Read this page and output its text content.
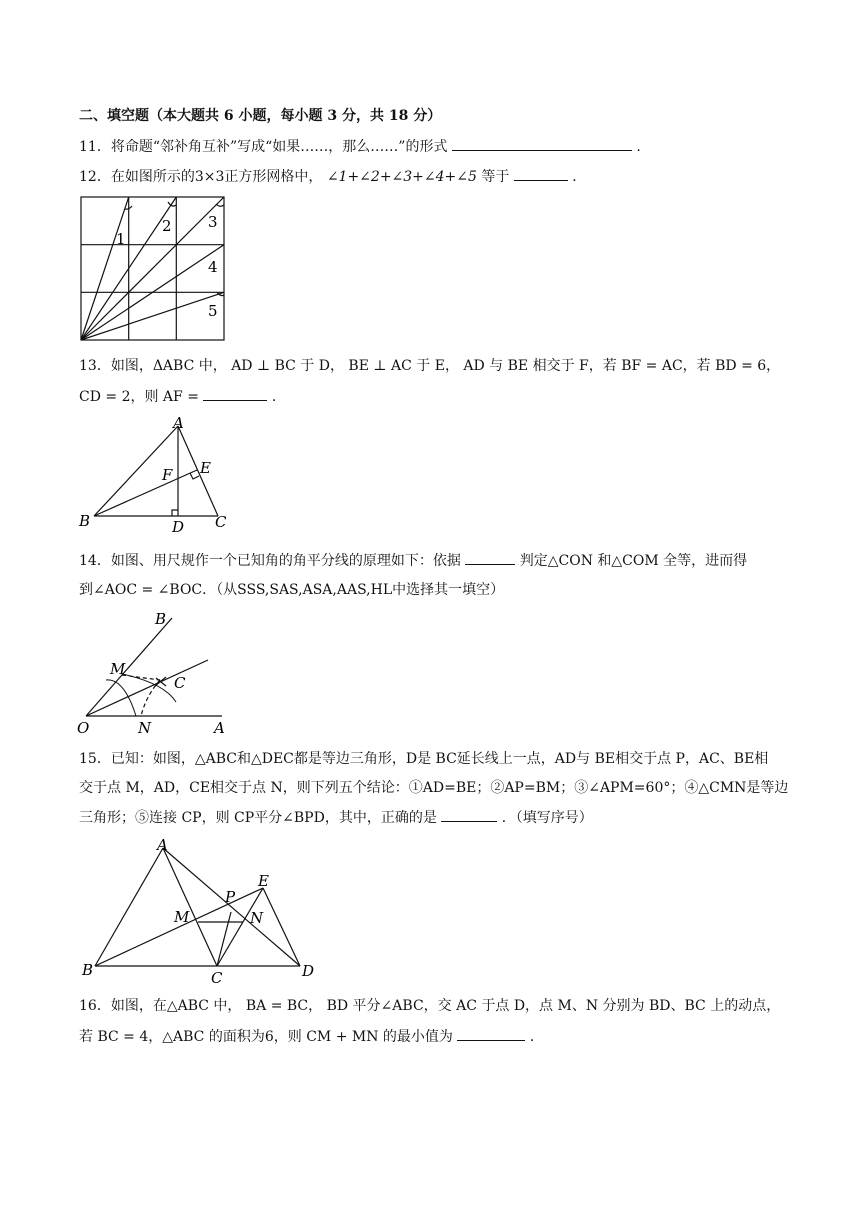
二、填空题（本大题共 6 小题，每小题 3 分，共 18 分）
11．将命题“邻补角互补”写成“如果……，那么……”的形式	.
12．在如图所示的3×3正方形网格中， ∠1+∠2+∠3+∠4+∠5 等于	．
1
2 3
4
5
13．如图，ΔABC 中， AD ⊥ BC 于 D， BE ⊥ AC 于 E， AD 与 BE 相交于 F，若 BF = AC，若 BD = 6，
CD = 2，则 AF =	.
A
B	C
D
E
F
14．如图、用尺规作一个已知角的角平分线的原理如下：依据	判定△CON 和△COM 全等，进而得
到∠AOC = ∠BOC．（从SSS,SAS,ASA,AAS,HL中选择其一填空）
B
M
C
O	N	A
15．已知：如图，△ABC和△DEC都是等边三角形，D是 BC延长线上一点，AD与 BE相交于点 P，AC、BE相
交于点 M，AD，CE相交于点 N，则下列五个结论：①AD=BE；②AP=BM；③∠APM=60°；④△CMN是等边
三角形；⑤连接 CP，则 CP平分∠BPD，其中，正确的是	．（填写序号）
A
E
P
M	N
B	C	D
16．如图，在△ABC 中， BA = BC， BD 平分∠ABC，交 AC 于点 D，点 M、N 分别为 BD、BC 上的动点，
若 BC = 4，△ABC 的面积为6，则 CM + MN 的最小值为	.
